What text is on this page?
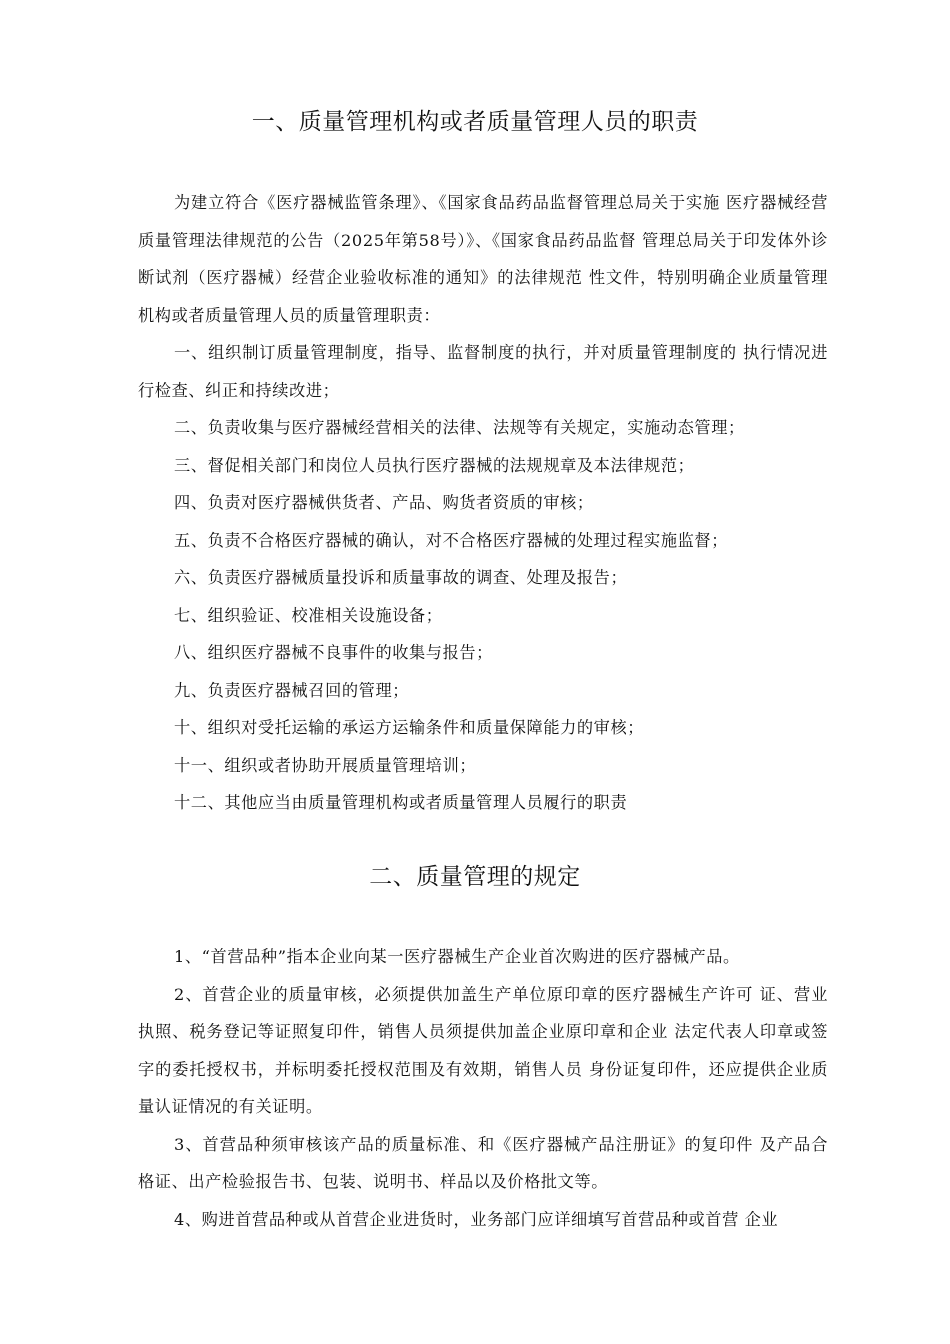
一、质量管理机构或者质量管理人员的职责

为建立符合《医疗器械监管条理》、《国家食品药品监督管理总局关于实施 医疗器械经营质量管理法律规范的公告（2025年第58号）》、《国家食品药品监督 管理总局关于印发体外诊断试剂（医疗器械）经营企业验收标准的通知》的法律规范 性文件，特别明确企业质量管理机构或者质量管理人员的质量管理职责：

一、组织制订质量管理制度，指导、监督制度的执行，并对质量管理制度的 执行情况进行检查、纠正和持续改进；

二、负责收集与医疗器械经营相关的法律、法规等有关规定，实施动态管理；

三、督促相关部门和岗位人员执行医疗器械的法规规章及本法律规范；

四、负责对医疗器械供货者、产品、购货者资质的审核；

五、负责不合格医疗器械的确认，对不合格医疗器械的处理过程实施监督；

六、负责医疗器械质量投诉和质量事故的调查、处理及报告；

七、组织验证、校准相关设施设备；

八、组织医疗器械不良事件的收集与报告；

九、负责医疗器械召回的管理；

十、组织对受托运输的承运方运输条件和质量保障能力的审核；

十一、组织或者协助开展质量管理培训；

十二、其他应当由质量管理机构或者质量管理人员履行的职责

二、质量管理的规定

1、“首营品种”指本企业向某一医疗器械生产企业首次购进的医疗器械产品。

2、首营企业的质量审核，必须提供加盖生产单位原印章的医疗器械生产许可 证、营业执照、税务登记等证照复印件，销售人员须提供加盖企业原印章和企业 法定代表人印章或签字的委托授权书，并标明委托授权范围及有效期，销售人员 身份证复印件，还应提供企业质量认证情况的有关证明。

3、首营品种须审核该产品的质量标准、和《医疗器械产品注册证》的复印件 及产品合格证、出产检验报告书、包装、说明书、样品以及价格批文等。

4、购进首营品种或从首营企业进货时，业务部门应详细填写首营品种或首营 企业
